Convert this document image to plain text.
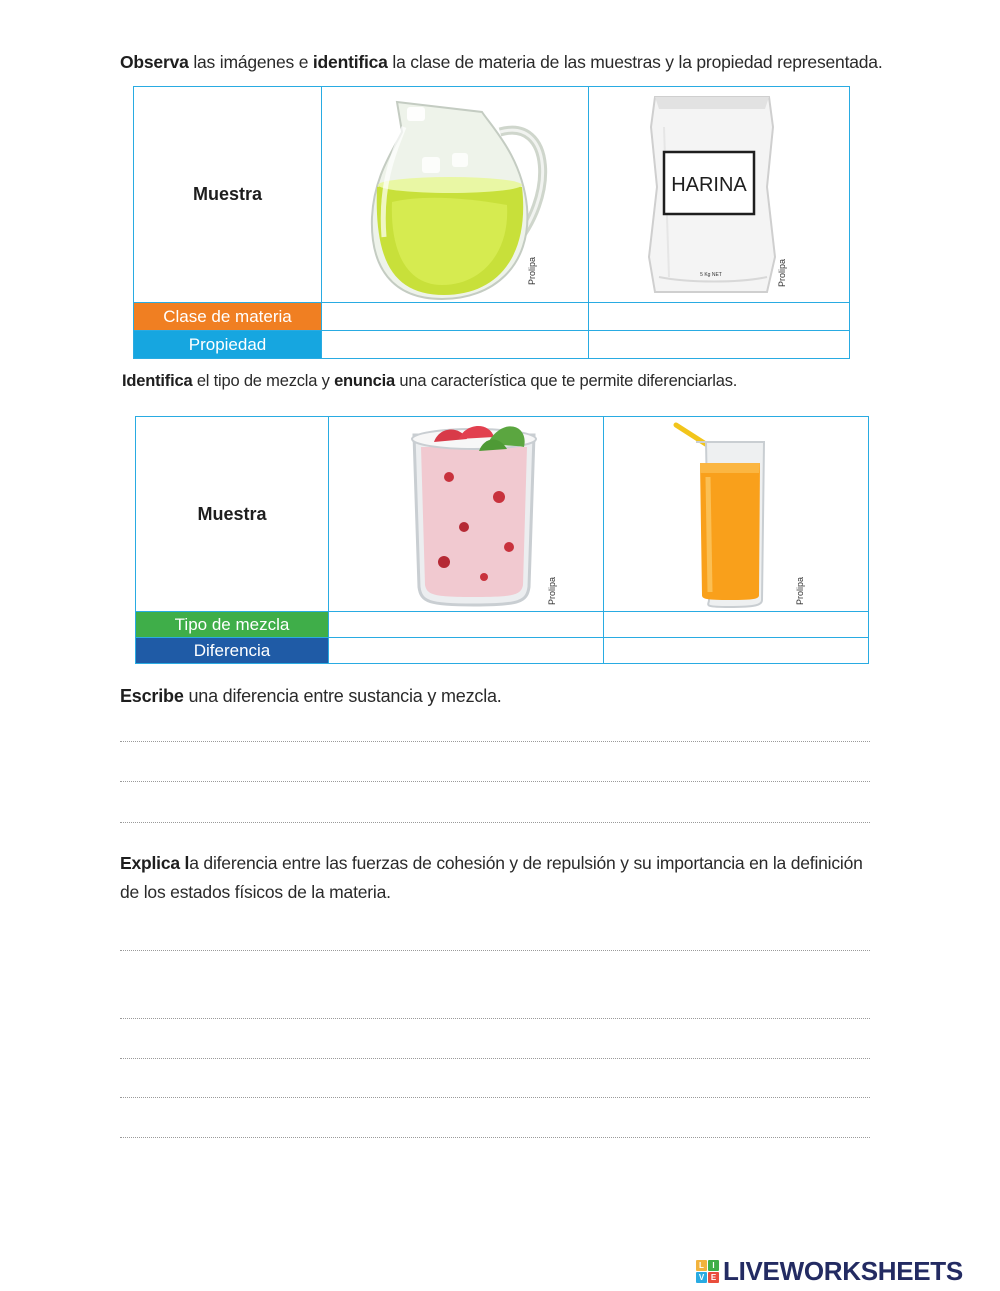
Observa las imágenes e identifica la clase de materia de las muestras y la propiedad representada.

Muestra	Prolipa	HARINA
5 Kg NET Prolipa

Clase de materia		
Propiedad		

Identifica el tipo de mezcla y enuncia una característica que te permite diferenciarlas.

Muestra	Prolipa	Prolipa

Tipo de mezcla		
Diferencia		

Escribe una diferencia entre sustancia y mezcla.

Explica la diferencia entre las fuerzas de cohesión y de repulsión y su importancia en la definición

de los estados físicos de la materia.

L	I
V E LIVEWORKSHEETS
